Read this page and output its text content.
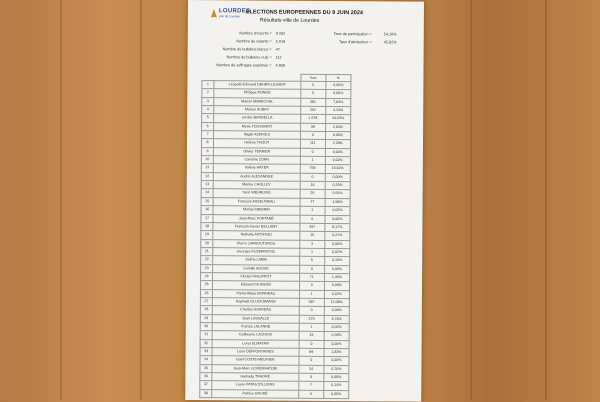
LOURDES
ville de Lourdes
ELECTIONS EUROPEENNES DU 9 JUIN 2024
Résultats ville de Lourdes
Nombre d'inscrits = 9 262
Nombre de votants = 5 016
Nombre de bulletins blancs = 47
Nombre de bulletins nuls = 112
Nombre de suffrages exprimés = 4 858
Taux de participation =	54,16%
Taux d'abstention =	45,82%
		Voix	%
1	Léopold-Edouard DEHER-LESAINT	0	0,00%
2	Philippe PONGE	0	0,00%
3	Marion MARECHAL	381	7,84%
4	Manon AUBRY	201	4,14%
5	Jordan BARDELLA	1 678	34,53%
6	Marie TOUSSAINT	99	2,04%
7	Nagib AZERGUI	0	0,00%
8	Hélène THOUY	111	2,28%
9	Olivier TERRIEN	0	0,00%
10	Caroline ZORN	1	0,02%
11	Valérie HAYER	759	15,62%
12	Audric ALEXANDRE	0	0,00%
13	Marine CHOLLEY	16	0,33%
14	Yann WEHRLING	25	0,51%
15	François ASSELINEAU	77	1,58%
16	Michel SIMONIN	1	0,02%
17	Jean-Marc FORTANÉ	0	0,00%
18	François-Xavier BELLAMY	397	8,17%
19	Nathalie ARTHAUD	10	0,21%
20	Pierre LARROUTUROU	3	0,06%
21	Georges KUZMANOVIC	1	0,02%
22	Selma LABIB	5	0,10%
23	Camille ADOUE	0	0,00%
24	Florian PHILIPPOT	71	1,46%
25	Edouard HUSSON	0	0,00%
26	Pierre-Marie BONNEAU	1	0,02%
27	Raphaël GLUCKSMANN	587	12,08%
28	Charles HOAREAU	0	0,00%
29	Jean LASSALLE	279	5,74%
30	Françis LALANNE	1	0,02%
31	Guillaume LACROIX	19	0,39%
32	Lorys ELMAYAN	0	0,00%
33	Léon DEFFONTAINES	89	1,83%
34	Gaël COSTE-MEUNIER	0	0,00%
35	Jean-Marc GOVERNATORI	34	0,70%
36	Hamada TRAORÉ	0	0,00%
37	Laure PATAS D'ILLIERS	7	0,14%
38	Patrice GRUDÉ	0	0,00%
